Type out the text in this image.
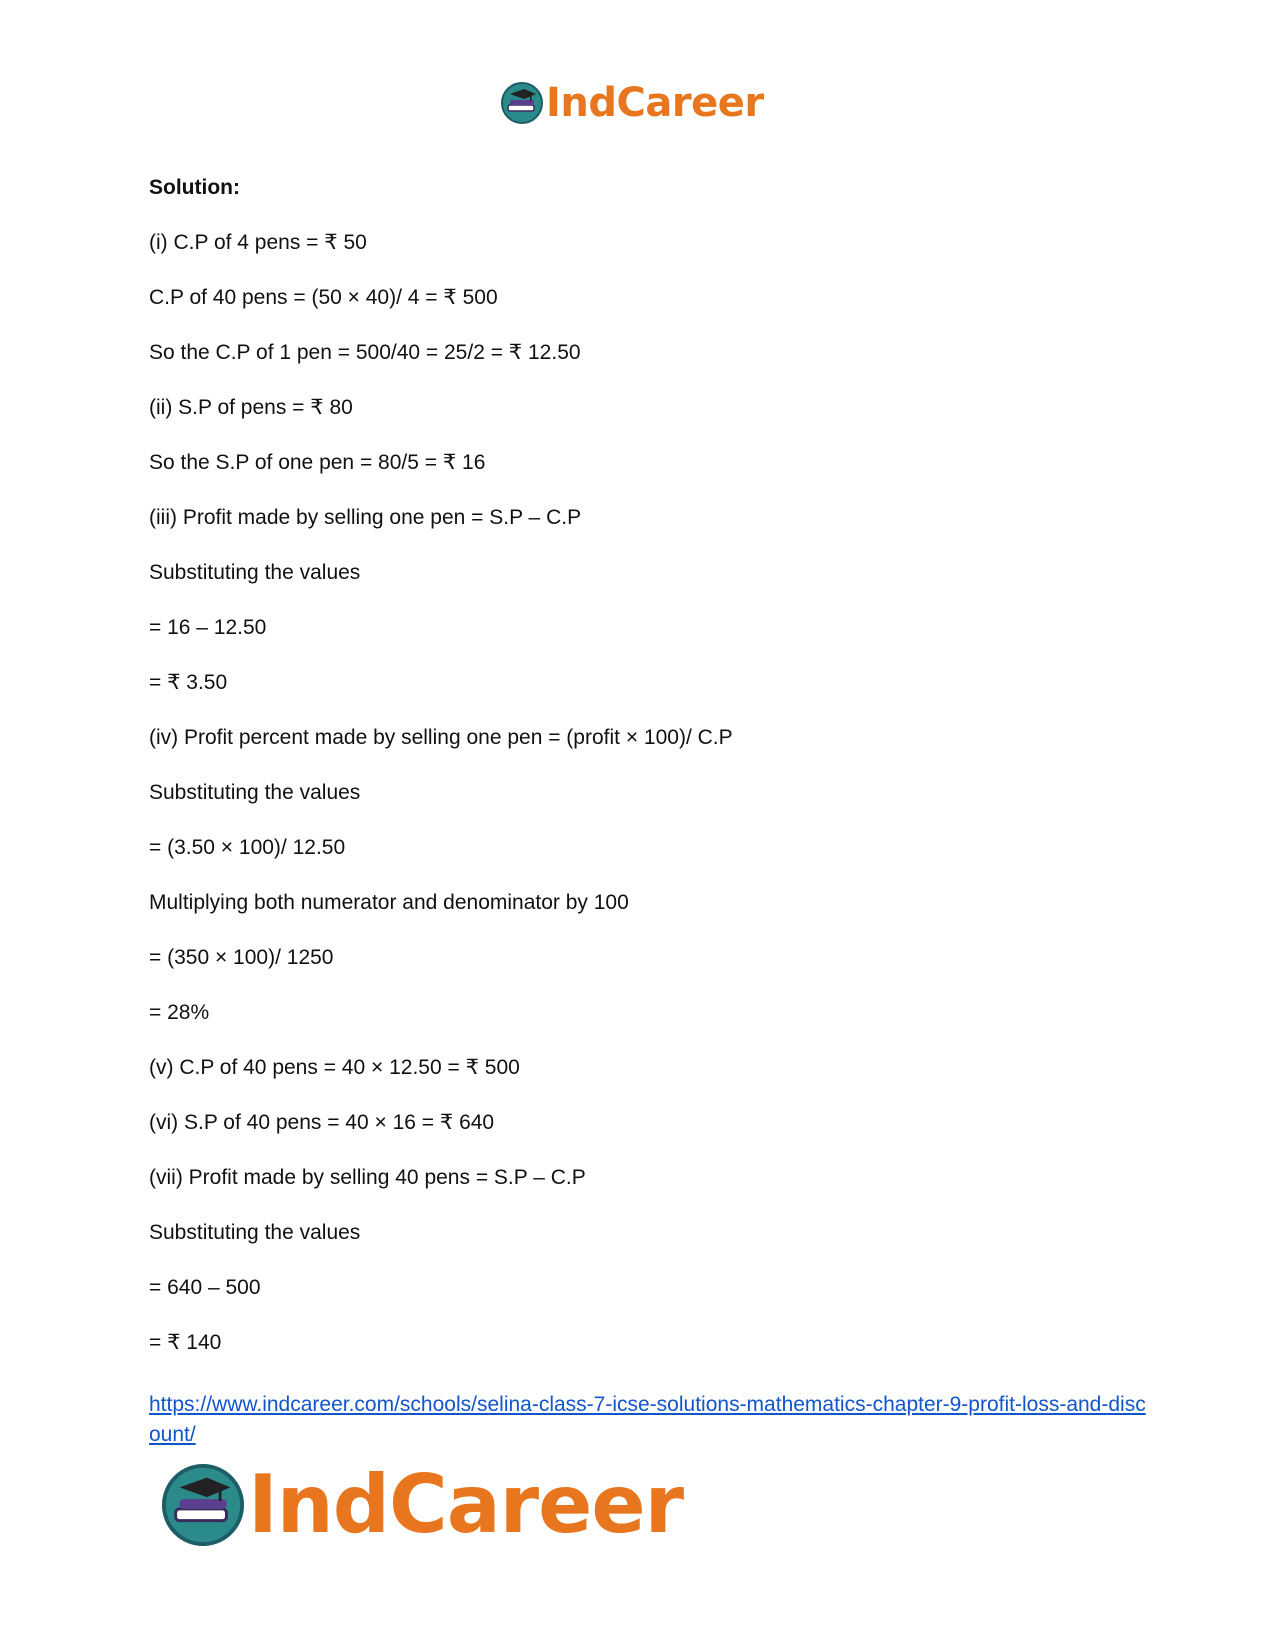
IndCareer
Solution:
(i) C.P of 4 pens = ₹ 50
C.P of 40 pens = (50 × 40)/ 4 = ₹ 500
So the C.P of 1 pen = 500/40 = 25/2 = ₹ 12.50
(ii) S.P of pens = ₹ 80
So the S.P of one pen = 80/5 = ₹ 16
(iii) Profit made by selling one pen = S.P – C.P
Substituting the values
= 16 – 12.50
= ₹ 3.50
(iv) Profit percent made by selling one pen = (profit × 100)/ C.P
Substituting the values
= (3.50 × 100)/ 12.50
Multiplying both numerator and denominator by 100
= (350 × 100)/ 1250
= 28%
(v) C.P of 40 pens = 40 × 12.50 = ₹ 500
(vi) S.P of 40 pens = 40 × 16 = ₹ 640
(vii) Profit made by selling 40 pens = S.P – C.P
Substituting the values
= 640 – 500
= ₹ 140
https://www.indcareer.com/schools/selina-class-7-icse-solutions-mathematics-chapter-9-profit-loss-and-discount/
IndCareer
